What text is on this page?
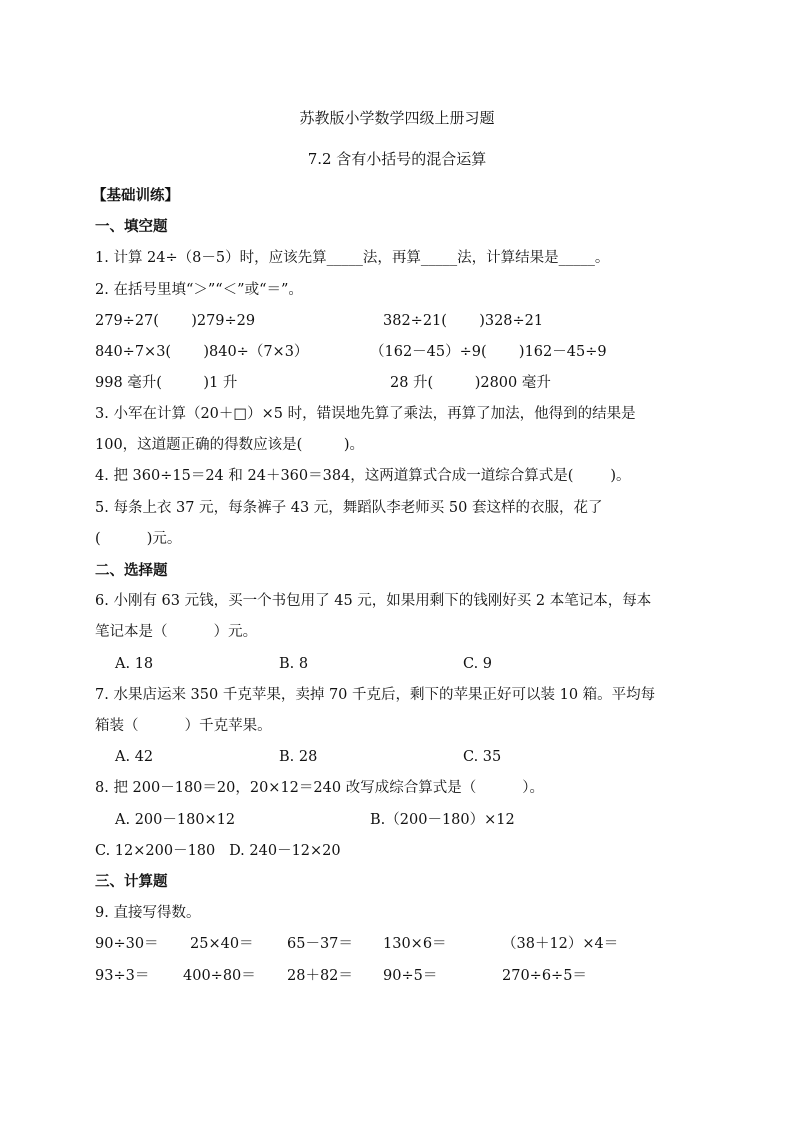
苏教版小学数学四级上册习题
7.2 含有小括号的混合运算
【基础训练】
一、填空题
1. 计算 24÷（8－5）时，应该先算_____法，再算_____法，计算结果是_____。
2. 在括号里填“＞”“＜”或“＝”。
279÷27(       )279÷29	382÷21(       )328÷21
840÷7×3(       )840÷（7×3）	（162－45）÷9(       )162－45÷9
998 毫升(         )1 升	28 升(         )2800 毫升
3. 小军在计算（20＋□）×5 时，错误地先算了乘法，再算了加法，他得到的结果是
100，这道题正确的得数应该是(         )。
4. 把 360÷15＝24 和 24＋360＝384，这两道算式合成一道综合算式是(        )。
5. 每条上衣 37 元，每条裤子 43 元，舞蹈队李老师买 50 套这样的衣服，花了
(          )元。
二、选择题
6. 小刚有 63 元钱，买一个书包用了 45 元，如果用剩下的钱刚好买 2 本笔记本，每本
笔记本是（          ）元。
A. 18	B. 8	C. 9
7. 水果店运来 350 千克苹果，卖掉 70 千克后，剩下的苹果正好可以装 10 箱。平均每
箱装（          ）千克苹果。
A. 42	B. 28	C. 35
8. 把 200－180＝20，20×12＝240 改写成综合算式是（          ）。
A. 200－180×12	B.（200－180）×12
C. 12×200－180   D. 240－12×20
三、计算题
9. 直接写得数。
90÷30＝ 25×40＝ 65－37＝ 130×6＝	（38＋12）×4＝
93÷3＝ 400÷80＝ 28＋82＝ 90÷5＝	270÷6÷5＝
